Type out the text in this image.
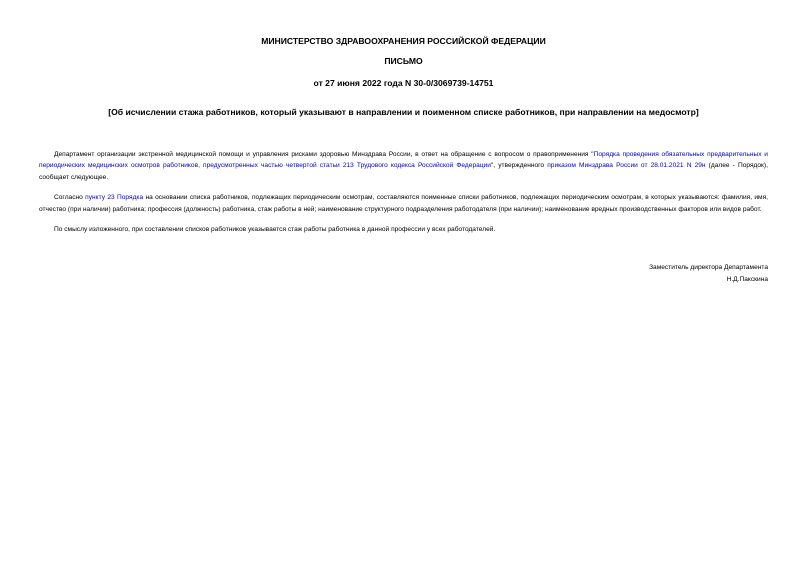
МИНИСТЕРСТВО ЗДРАВООХРАНЕНИЯ РОССИЙСКОЙ ФЕДЕРАЦИИ
ПИСЬМО
от 27 июня 2022 года N 30-0/3069739-14751
[Об исчислении стажа работников, который указывают в направлении и поименном списке работников, при направлении на медосмотр]

Департамент организации экстренной медицинской помощи и управления рисками здоровью Минздрава России, в ответ на обращение с вопросом о правоприменения "Порядка проведения обязательных предварительных и периодических медицинских осмотров работников, предусмотренных частью четвертой статьи 213 Трудового кодекса Российской Федерации", утвержденного приказом Минздрава России от 28.01.2021 N 29н (далее - Порядок), сообщает следующее.

Согласно пункту 23 Порядка на основании списка работников, подлежащих периодическим осмотрам, составляются поименные списки работников, подлежащих периодическим осмотрам, в которых указываются: фамилия, имя, отчество (при наличии) работника; профессия (должность) работника, стаж работы в ней; наименование структурного подразделения работодателя (при наличии); наименование вредных производственных факторов или видов работ.

По смыслу изложенного, при составлении списков работников указывается стаж работы работника в данной профессии у всех работодателей.

Заместитель директора Департамента
Н.Д.Пакскина
